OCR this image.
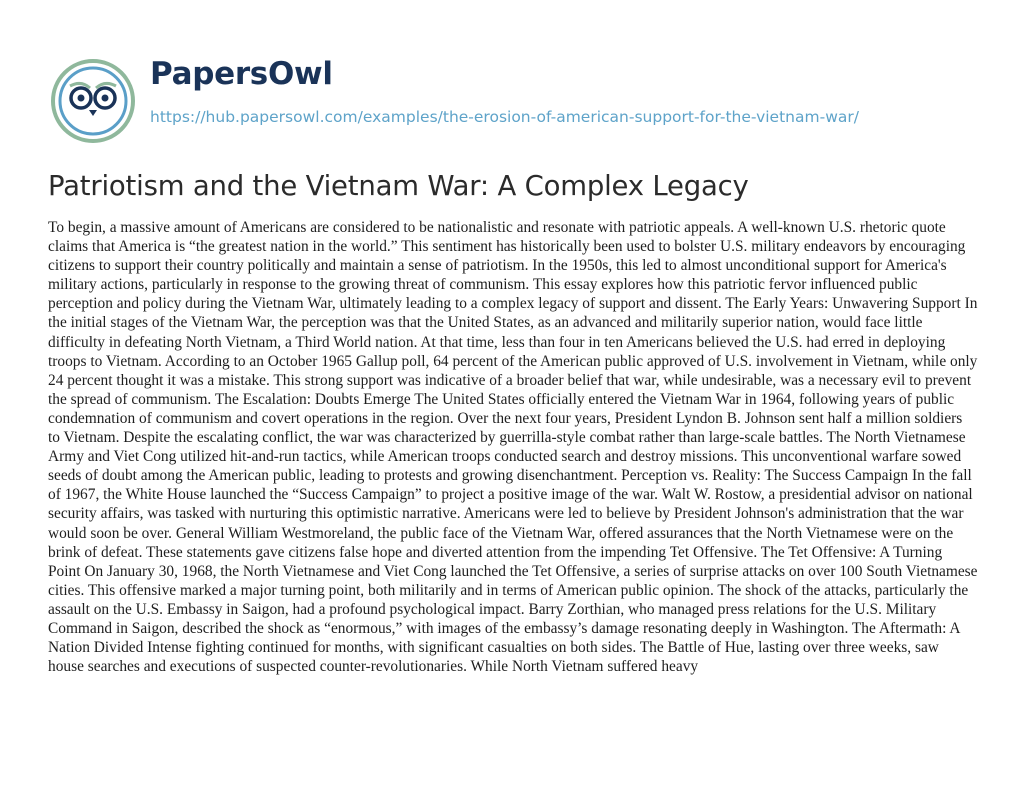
PapersOwl
https://hub.papersowl.com/examples/the-erosion-of-american-support-for-the-vietnam-war/
Patriotism and the Vietnam War: A Complex Legacy

To begin, a massive amount of Americans are considered to be nationalistic and resonate with patriotic appeals. A well-known U.S. rhetoric quote claims that America is “the greatest nation in the world.” This sentiment has historically been used to bolster U.S. military endeavors by encouraging citizens to support their country politically and maintain a sense of patriotism. In the 1950s, this led to almost unconditional support for America's military actions, particularly in response to the growing threat of communism. This essay explores how this patriotic fervor influenced public perception and policy during the Vietnam War, ultimately leading to a complex legacy of support and dissent. The Early Years: Unwavering Support In the initial stages of the Vietnam War, the perception was that the United States, as an advanced and militarily superior nation, would face little difficulty in defeating North Vietnam, a Third World nation. At that time, less than four in ten Americans believed the U.S. had erred in deploying troops to Vietnam. According to an October 1965 Gallup poll, 64 percent of the American public approved of U.S. involvement in Vietnam, while only 24 percent thought it was a mistake. This strong support was indicative of a broader belief that war, while undesirable, was a necessary evil to prevent the spread of communism. The Escalation: Doubts Emerge The United States officially entered the Vietnam War in 1964, following years of public condemnation of communism and covert operations in the region. Over the next four years, President Lyndon B. Johnson sent half a million soldiers to Vietnam. Despite the escalating conflict, the war was characterized by guerrilla-style combat rather than large-scale battles. The North Vietnamese Army and Viet Cong utilized hit-and-run tactics, while American troops conducted search and destroy missions. This unconventional warfare sowed seeds of doubt among the American public, leading to protests and growing disenchantment. Perception vs. Reality: The Success Campaign In the fall of 1967, the White House launched the “Success Campaign” to project a positive image of the war. Walt W. Rostow, a presidential advisor on national security affairs, was tasked with nurturing this optimistic narrative. Americans were led to believe by President Johnson's administration that the war would soon be over. General William Westmoreland, the public face of the Vietnam War, offered assurances that the North Vietnamese were on the brink of defeat. These statements gave citizens false hope and diverted attention from the impending Tet Offensive. The Tet Offensive: A Turning Point On January 30, 1968, the North Vietnamese and Viet Cong launched the Tet Offensive, a series of surprise attacks on over 100 South Vietnamese cities. This offensive marked a major turning point, both militarily and in terms of American public opinion. The shock of the attacks, particularly the assault on the U.S. Embassy in Saigon, had a profound psychological impact. Barry Zorthian, who managed press relations for the U.S. Military Command in Saigon, described the shock as “enormous,” with images of the embassy’s damage resonating deeply in Washington. The Aftermath: A Nation Divided Intense fighting continued for months, with significant casualties on both sides. The Battle of Hue, lasting over three weeks, saw house searches and executions of suspected counter-revolutionaries. While North Vietnam suffered heavy
